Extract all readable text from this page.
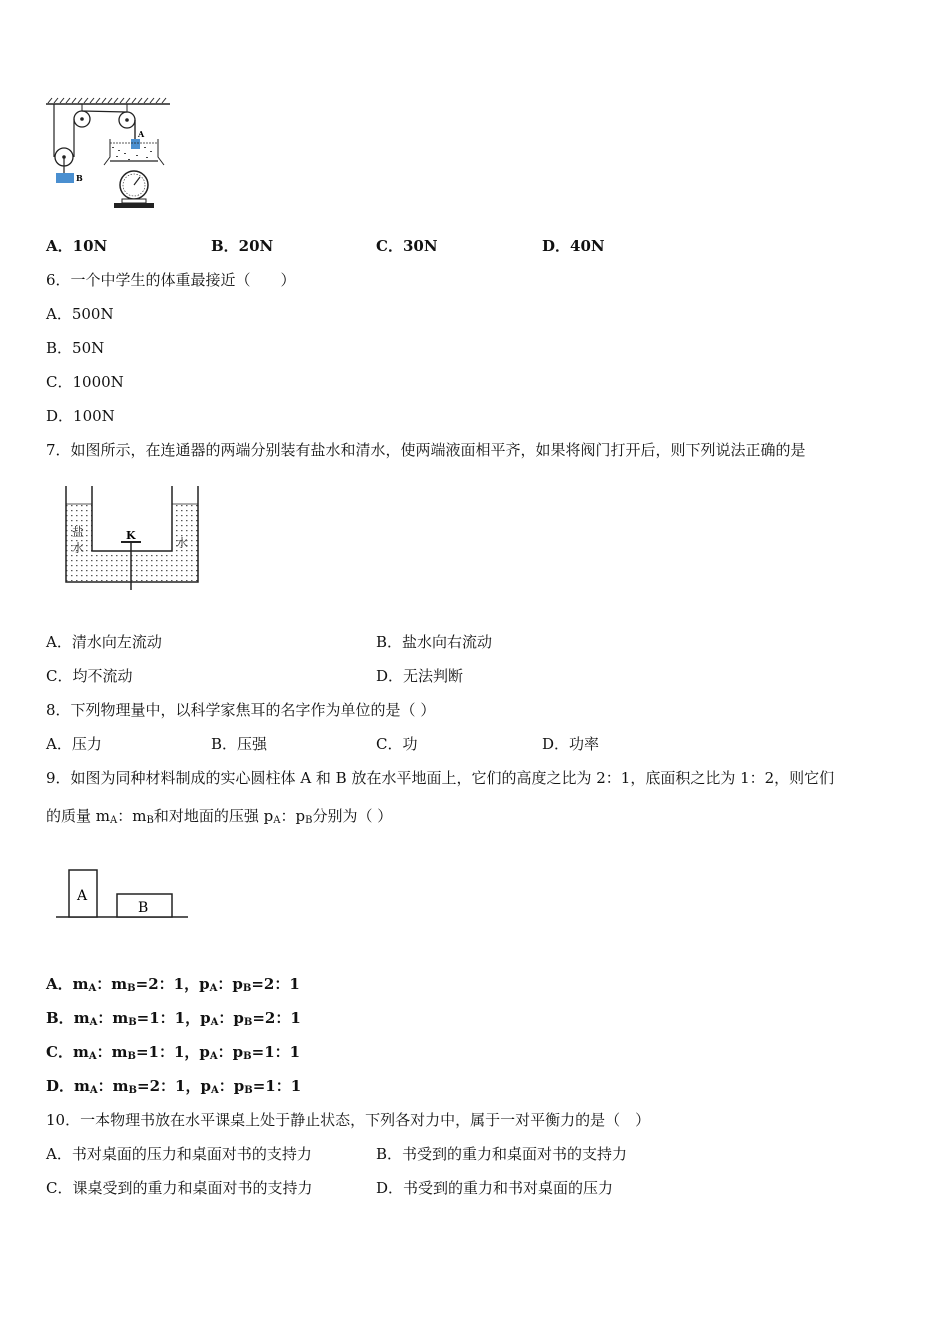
B
A
A．10N	B．20N	C．30N	D．40N
6．一个中学生的体重最接近（　　）
A．500N
B．50N
C．1000N
D．100N
7．如图所示，在连通器的两端分别装有盐水和清水，使两端液面相平齐，如果将阀门打开后，则下列说法正确的是
K
盐 水	水
A．清水向左流动	B．盐水向右流动
C．均不流动	D．无法判断
8．下列物理量中，以科学家焦耳的名字作为单位的是（ ）
A．压力	B．压强	C．功	D．功率
9．如图为同种材料制成的实心圆柱体 A 和 B 放在水平地面上，它们的高度之比为 2：1，底面积之比为 1：2，则它们
的质量 $m_A$：$m_B$和对地面的压强 $p_A$：$p_B$分别为（ ）
A
B
A．$m_A$：$m_B=2$：1，$p_A$：$p_B=2$：1
B．$m_A$：$m_B=1$：1，$p_A$：$p_B=2$：1
C．$m_A$：$m_B=1$：1，$p_A$：$p_B=1$：1
D．$m_A$：$m_B=2$：1，$p_A$：$p_B=1$：1
10．一本物理书放在水平课桌上处于静止状态，下列各对力中，属于一对平衡力的是（　）
A．书对桌面的压力和桌面对书的支持力	B．书受到的重力和桌面对书的支持力
C．课桌受到的重力和桌面对书的支持力	D．书受到的重力和书对桌面的压力
